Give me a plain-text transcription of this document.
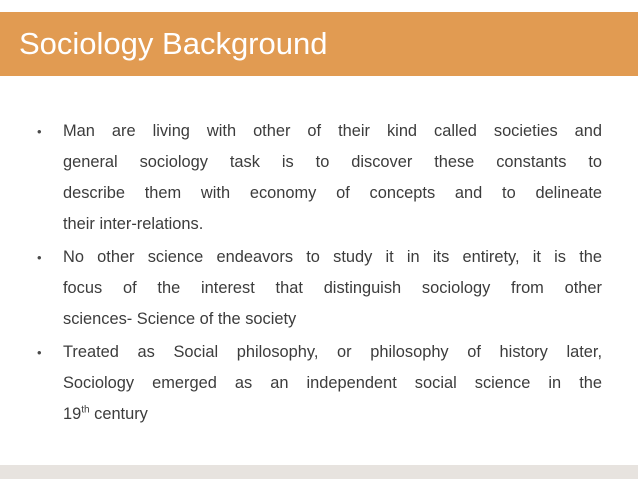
Sociology Background
• Man are living with other of their kind called societies and
general sociology task is to discover these constants to
describe them with economy of concepts and to delineate
their inter-relations.
• No other science endeavors to study it in its entirety, it is the
focus of the interest that distinguish sociology from other
sciences- Science of the society
• Treated as Social philosophy, or philosophy of history later,
Sociology emerged as an independent social science in the
19th century
